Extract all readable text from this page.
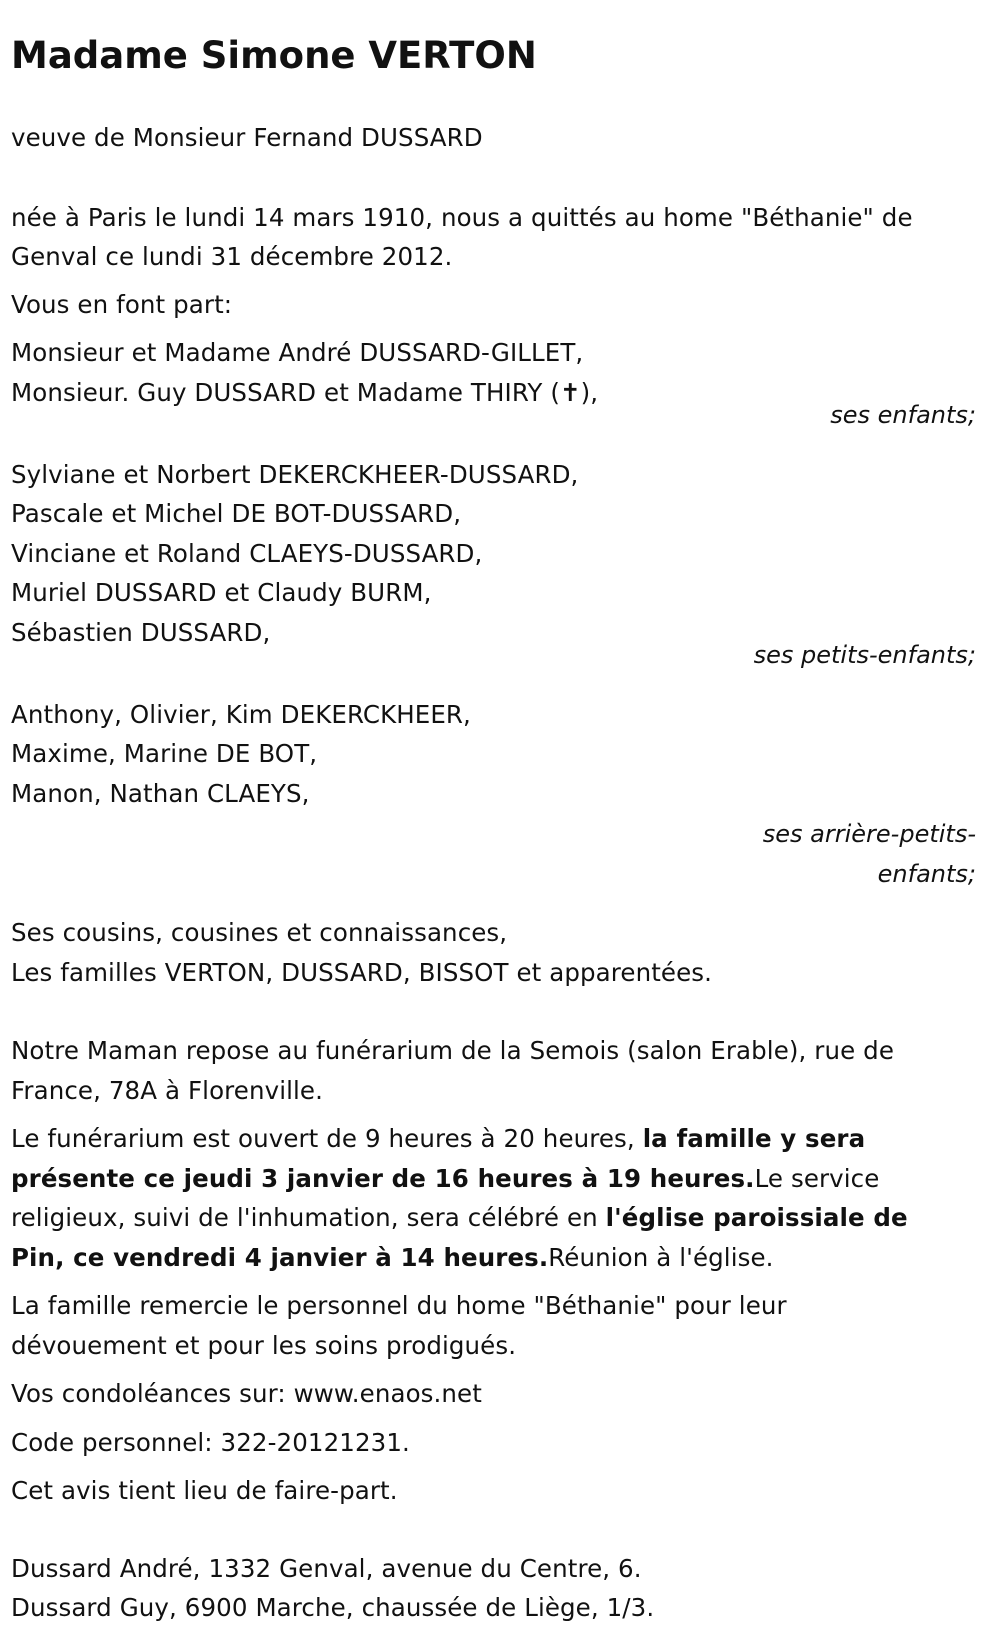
Madame Simone VERTON

veuve de Monsieur Fernand DUSSARD

née à Paris le lundi 14 mars 1910, nous a quittés au home "Béthanie" de
Genval ce lundi 31 décembre 2012.

Vous en font part:

Monsieur et Madame André DUSSARD-GILLET,
Monsieur. Guy DUSSARD et Madame THIRY (✝),

ses enfants;

Sylviane et Norbert DEKERCKHEER-DUSSARD,
Pascale et Michel DE BOT-DUSSARD,
Vinciane et Roland CLAEYS-DUSSARD,
Muriel DUSSARD et Claudy BURM,
Sébastien DUSSARD,

ses petits-enfants;

Anthony, Olivier, Kim DEKERCKHEER,
Maxime, Marine DE BOT,
Manon, Nathan CLAEYS,

ses arrière-petits-
enfants;

Ses cousins, cousines et connaissances,
Les familles VERTON, DUSSARD, BISSOT et apparentées.

Notre Maman repose au funérarium de la Semois (salon Erable), rue de
France, 78A à Florenville.

Le funérarium est ouvert de 9 heures à 20 heures, la famille y sera
présente ce jeudi 3 janvier de 16 heures à 19 heures.Le service
religieux, suivi de l'inhumation, sera célébré en l'église paroissiale de
Pin, ce vendredi 4 janvier à 14 heures.Réunion à l'église.

La famille remercie le personnel du home "Béthanie" pour leur
dévouement et pour les soins prodigués.

Vos condoléances sur: www.enaos.net

Code personnel: 322-20121231.

Cet avis tient lieu de faire-part.

Dussard André, 1332 Genval, avenue du Centre, 6.
Dussard Guy, 6900 Marche, chaussée de Liège, 1/3.
